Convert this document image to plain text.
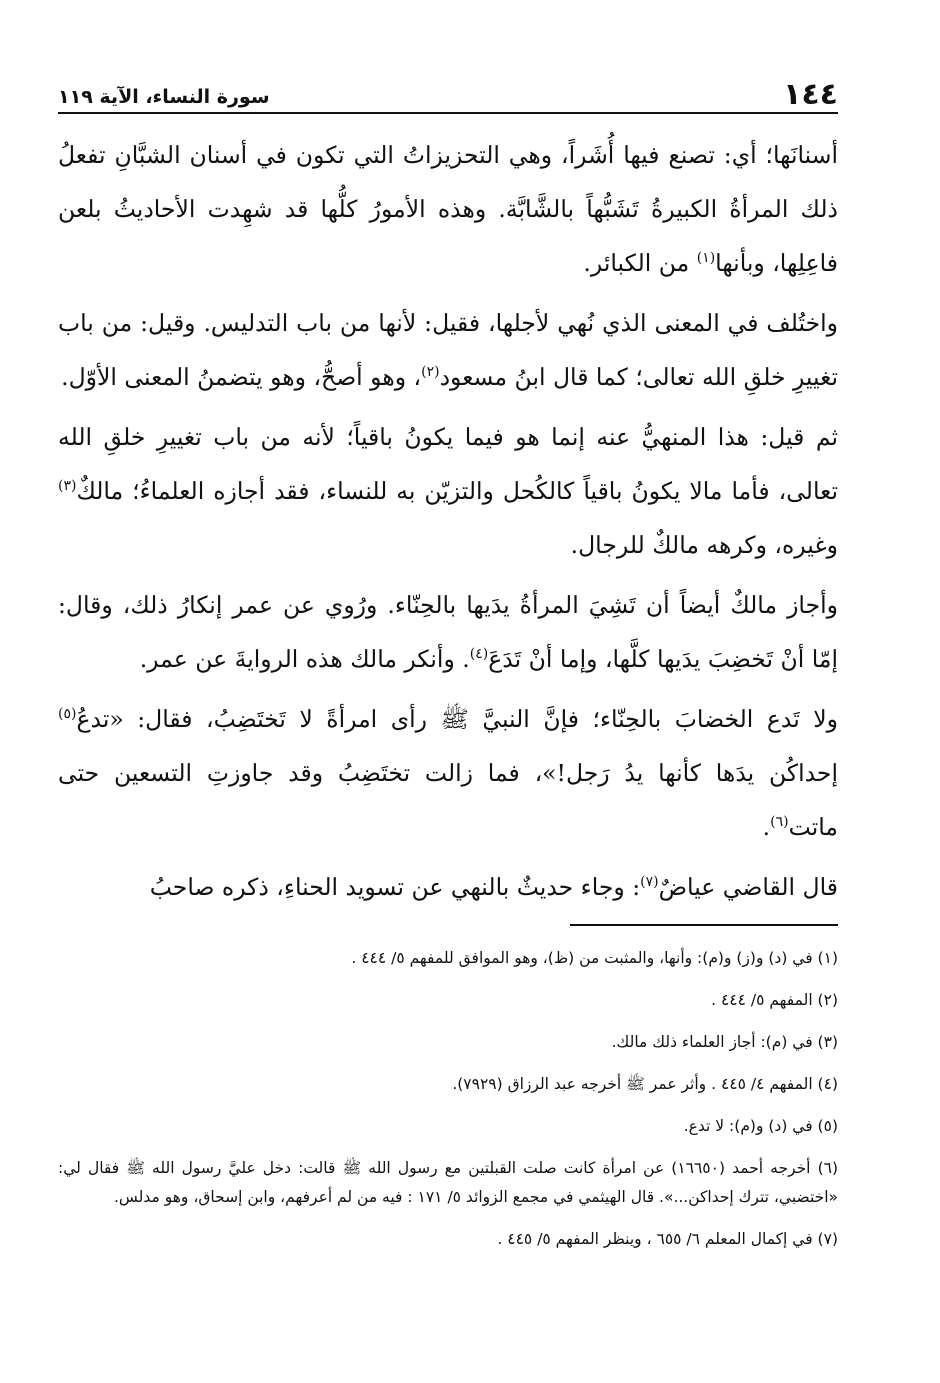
١٤٤
سورة النساء، الآية ١١٩

أسنانَها؛ أي: تصنع فيها أُشَراً، وهي التحزيزاتُ التي تكون في أسنان الشبَّانِ تفعلُ ذلك المرأةُ الكبيرةُ تَشَبُّهاً بالشَّابَّة. وهذه الأمورُ كلُّها قد شهِدت الأحاديثُ بلعن فاعِلِها، وبأنها$^{(١)}$ من الكبائر.

واختُلف في المعنى الذي نُهي لأجلها، فقيل: لأنها من باب التدليس. وقيل: من باب تغييرِ خلقِ الله تعالى؛ كما قال ابنُ مسعود$^{(٢)}$، وهو أصحُّ، وهو يتضمنُ المعنى الأوّل.

ثم قيل: هذا المنهيُّ عنه إنما هو فيما يكونُ باقياً؛ لأنه من باب تغييرِ خلقِ الله تعالى، فأما مالا يكونُ باقياً كالكُحل والتزيّن به للنساء، فقد أجازه العلماءُ؛ مالكٌ$^{(٣)}$ وغيره، وكرهه مالكٌ للرجال.

وأجاز مالكٌ أيضاً أن تَشِيَ المرأةُ يدَيها بالحِنّاء. ورُوي عن عمر إنكارُ ذلك، وقال: إمّا أنْ تَخضِبَ يدَيها كلَّها، وإما أنْ تَدَعَ$^{(٤)}$. وأنكر مالك هذه الروايةَ عن عمر.

ولا تَدع الخضابَ بالحِنّاء؛ فإنَّ النبيَّ ﷺ رأى امرأةً لا تَختَضِبُ، فقال: «تدعُ$^{(٥)}$ إحداكُن يدَها كأنها يدُ رَجل!»، فما زالت تختَضِبُ وقد جاوزتِ التسعين حتى ماتت$^{(٦)}$.

قال القاضي عياضٌ$^{(٧)}$: وجاء حديثٌ بالنهي عن تسويد الحناءِ، ذكره صاحبُ

(١) في (د) و(ز) و(م): وأنها، والمثبت من (ظ)، وهو الموافق للمفهم ٥/ ٤٤٤ .
(٢) المفهم ٥/ ٤٤٤ .
(٣) في (م): أجاز العلماء ذلك مالك.
(٤) المفهم ٤/ ٤٤٥ . وأثر عمر ﷺ أخرجه عبد الرزاق (٧٩٢٩).
(٥) في (د) و(م): لا تدع.
(٦) أخرجه أحمد (١٦٦٥٠) عن امرأة كانت صلت القبلتين مع رسول الله ﷺ قالت: دخل عليَّ رسول الله ﷺ فقال لي: «اختضبي، تترك إحداكن...». قال الهيثمي في مجمع الزوائد ٥/ ١٧١ : فيه من لم أعرفهم، وابن إسحاق، وهو مدلس.
(٧) في إكمال المعلم ٦/ ٦٥٥ ، وينظر المفهم ٥/ ٤٤٥ .
